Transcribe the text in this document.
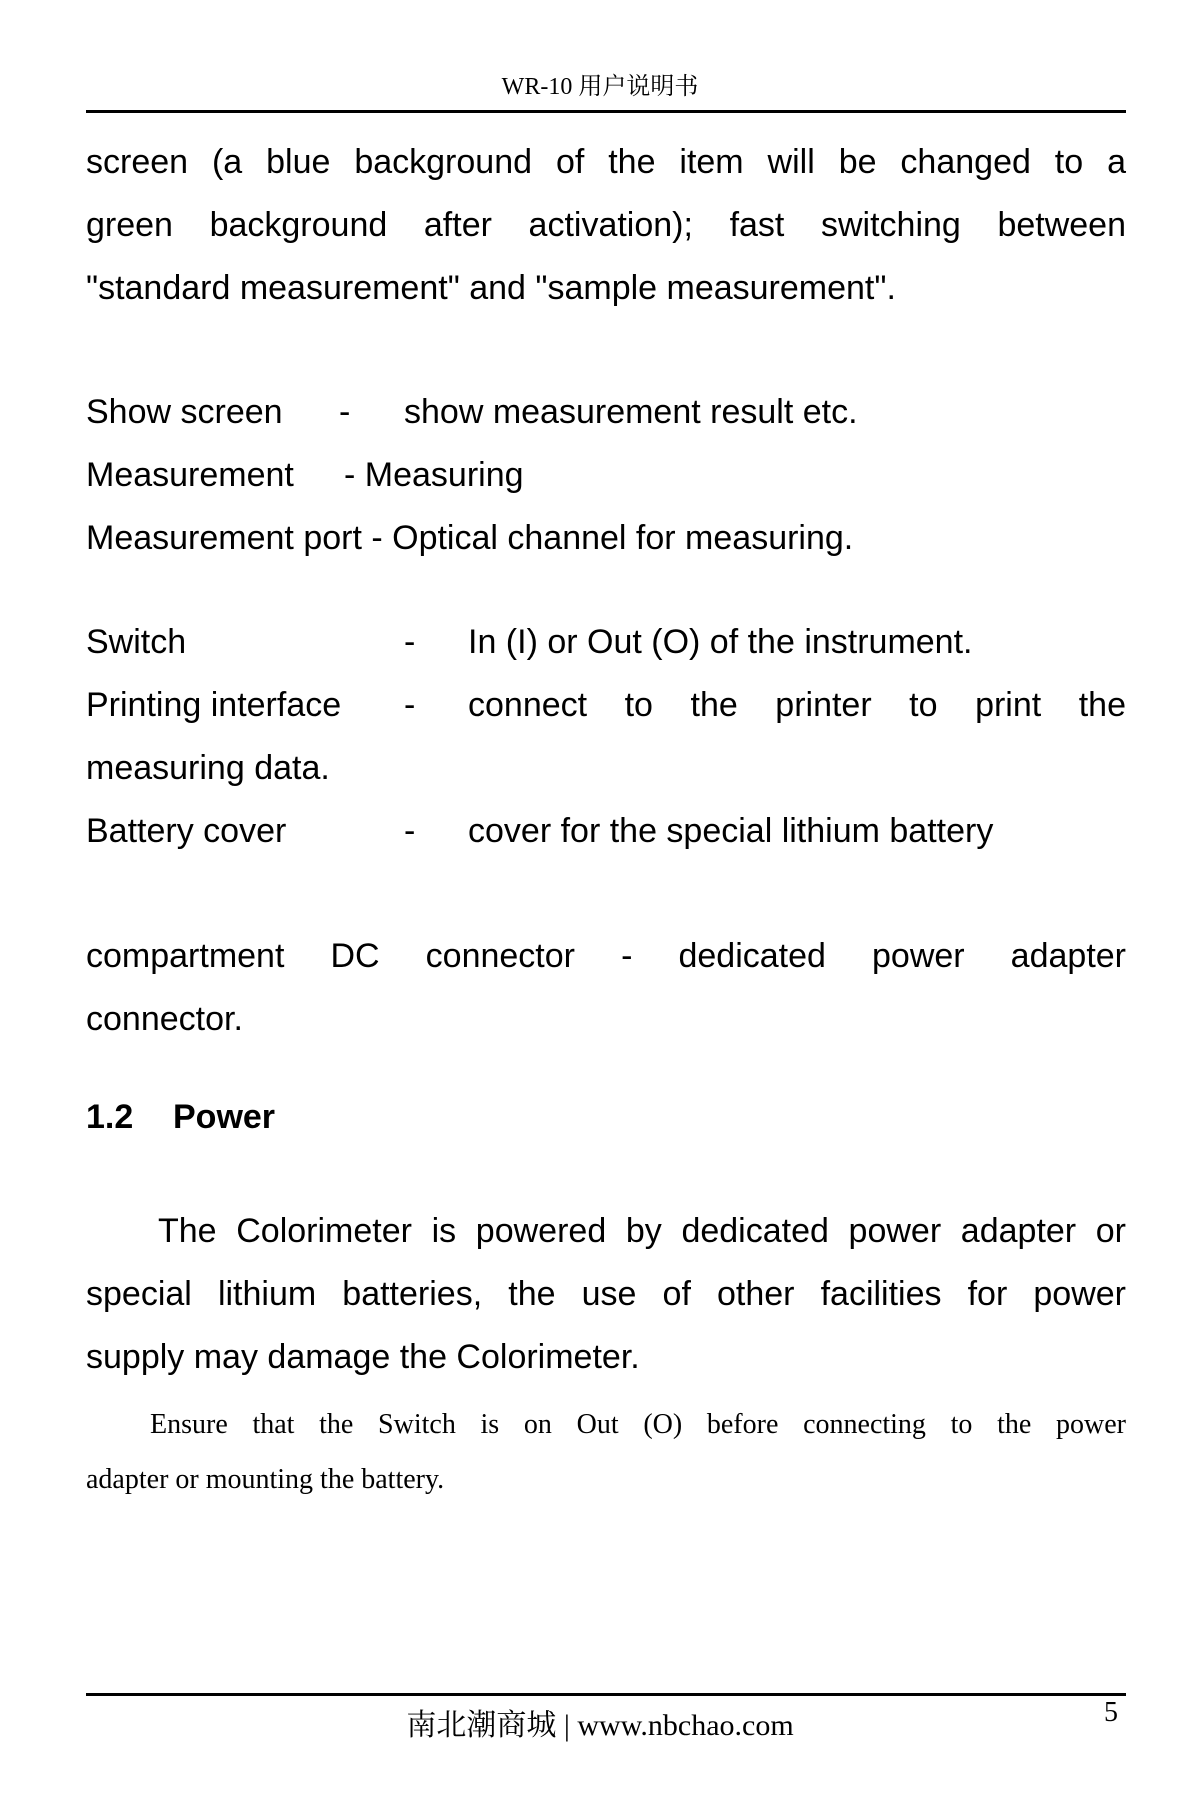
WR-10 用户说明书
screen (a blue background of the item will be changed to a
green background after activation); fast switching between
"standard measurement" and "sample measurement".
Show screen - show measurement result etc.
Measurement - Measuring
Measurement port - Optical channel for measuring.
Switch	- In (I) or Out (O) of the instrument.
Printing interface - connect to the printer to print the
measuring data.
Battery cover	- cover for the special lithium battery
compartment DC connector - dedicated power adapter
connector.
1.2 Power
The Colorimeter is powered by dedicated power adapter or
special lithium batteries, the use of other facilities for power
supply may damage the Colorimeter.
Ensure that the Switch is on Out (O) before connecting to the power
adapter or mounting the battery.
南北潮商城 | www.nbchao.com	5
